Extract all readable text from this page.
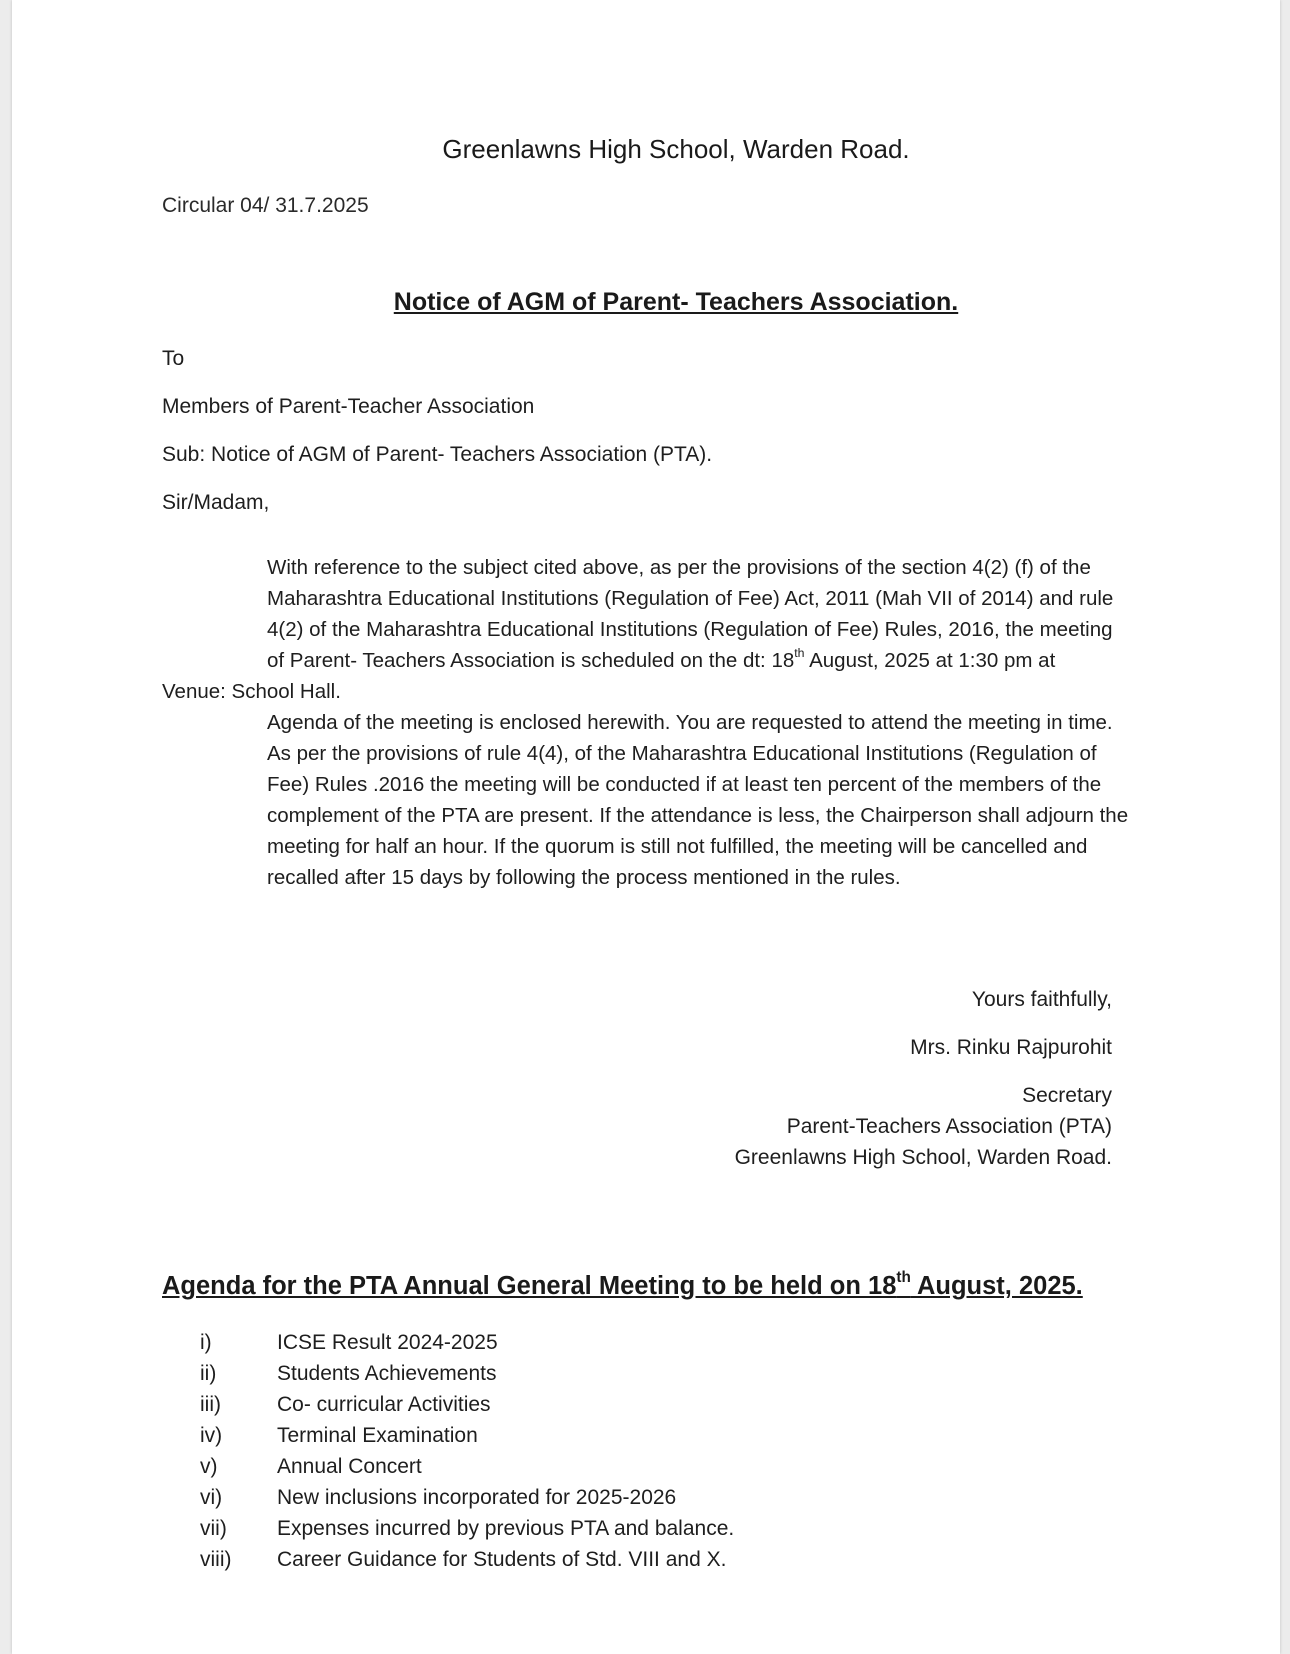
Greenlawns High School, Warden Road.
Circular 04/ 31.7.2025
Notice of AGM of Parent- Teachers Association.
To
Members of Parent-Teacher Association
Sub: Notice of AGM of Parent- Teachers Association (PTA).
Sir/Madam,

With reference to the subject cited above, as per the provisions of the section 4(2) (f) of the Maharashtra Educational Institutions (Regulation of Fee) Act, 2011 (Mah VII of 2014) and rule 4(2) of the Maharashtra Educational Institutions (Regulation of Fee) Rules, 2016, the meeting of Parent- Teachers Association is scheduled on the dt: 18th August, 2025 at 1:30 pm at

Venue: School Hall.

Agenda of the meeting is enclosed herewith. You are requested to attend the meeting in time. As per the provisions of rule 4(4), of the Maharashtra Educational Institutions (Regulation of Fee) Rules .2016 the meeting will be conducted if at least ten percent of the members of the complement of the PTA are present. If the attendance is less, the Chairperson shall adjourn the meeting for half an hour. If the quorum is still not fulfilled, the meeting will be cancelled and recalled after 15 days by following the process mentioned in the rules.

Yours faithfully,
Mrs. Rinku Rajpurohit
Secretary
Parent-Teachers Association (PTA)
Greenlawns High School, Warden Road.
Agenda for the PTA Annual General Meeting to be held on 18th August, 2025.
i)	ICSE Result 2024-2025
ii)	Students Achievements
iii)	Co- curricular Activities
iv)	Terminal Examination
v)	Annual Concert
vi)	New inclusions incorporated for 2025-2026
vii)	Expenses incurred by previous PTA and balance.
viii)	Career Guidance for Students of Std. VIII and X.
